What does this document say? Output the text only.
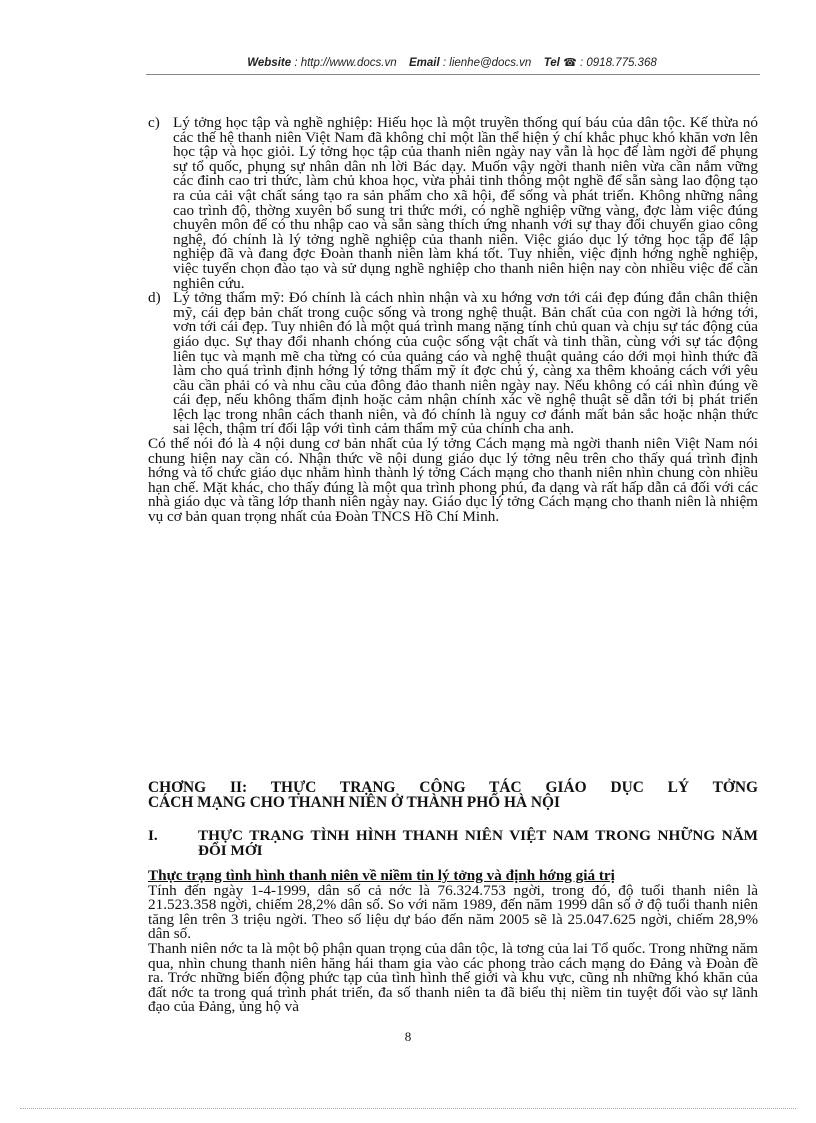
Website : http://www.docs.vn Email : lienhe@docs.vn Tel ☎ : 0918.775.368
c) Lý tởng học tập và nghề nghiệp: Hiếu học là một truyền thống quí báu của dân tộc. Kế thừa nó các thế hệ thanh niên Việt Nam đã không chỉ một lần thể hiện ý chí khắc phục khó khăn vơn lên học tập và học giỏi. Lý tởng học tập của thanh niên ngày nay vẫn là học để làm ngời để phụng sự tổ quốc, phụng sự nhân dân nh lời Bác dạy. Muốn vậy ngời thanh niên vừa cần nắm vững các đỉnh cao tri thức, làm chủ khoa học, vừa phải tinh thông một nghề để sẵn sàng lao động tạo ra của cải vật chất sáng tạo ra sản phẩm cho xã hội, để sống và phát triển. Không những nâng cao trình độ, thờng xuyên bổ sung tri thức mới, có nghề nghiệp vững vàng, đợc làm việc đúng chuyên môn để có thu nhập cao và sẵn sàng thích ứng nhanh với sự thay đổi chuyển giao công nghệ, đó chính là lý tởng nghề nghiệp của thanh niên. Việc giáo dục lý tởng học tập để lập nghiệp đã và đang đợc Đoàn thanh niên làm khá tốt. Tuy nhiên, việc định hớng nghề nghiệp, việc tuyển chọn đào tạo và sử dụng nghề nghiệp cho thanh niên hiện nay còn nhiều việc để cần nghiên cứu.
d) Lý tởng thẩm mỹ: Đó chính là cách nhìn nhận và xu hớng vơn tới cái đẹp đúng đắn chân thiện mỹ, cái đẹp bản chất trong cuộc sống và trong nghệ thuật. Bản chất của con ngời là hớng tới, vơn tới cái đẹp. Tuy nhiên đó là một quá trình mang nặng tính chủ quan và chịu sự tác động của giáo dục. Sự thay đổi nhanh chóng của cuộc sống vật chất và tinh thần, cùng với sự tác động liên tục và mạnh mẽ cha từng có của quảng cáo và nghệ thuật quảng cáo dới mọi hình thức đã làm cho quá trình định hớng lý tởng thẩm mỹ ít đợc chú ý, càng xa thêm khoảng cách với yêu cầu cần phải có và nhu cầu của đông đảo thanh niên ngày nay. Nếu không có cái nhìn đúng về cái đẹp, nếu không thẩm định hoặc cảm nhận chính xác về nghệ thuật sẽ dẫn tới bị phát triển lệch lạc trong nhân cách thanh niên, và đó chính là nguy cơ đánh mất bản sắc hoặc nhận thức sai lệch, thậm trí đối lập với tình cảm thẩm mỹ của chính cha anh.
Có thể nói đó là 4 nội dung cơ bản nhất của lý tởng Cách mạng mà ngời thanh niên Việt Nam nói chung hiện nay cần có. Nhận thức về nội dung giáo dục lý tởng nêu trên cho thấy quá trình định hớng và tổ chức giáo dục nhằm hình thành lý tởng Cách mạng cho thanh niên nhìn chung còn nhiều hạn chế. Mặt khác, cho thấy đúng là một qua trình phong phú, đa dạng và rất hấp dẫn cả đối với các nhà giáo dục và tầng lớp thanh niên ngày nay. Giáo dục lý tởng Cách mạng cho thanh niên là nhiệm vụ cơ bản quan trọng nhất của Đoàn TNCS Hồ Chí Minh.
CHƠNG II: THỰC TRẠNG CÔNG TÁC GIÁO DỤC LÝ TỞNG
CÁCH MẠNG CHO THANH NIÊN Ở THÀNH PHỐ HÀ NỘI
I.	THỰC TRẠNG TÌNH HÌNH THANH NIÊN VIỆT NAM TRONG NHỮNG NĂM ĐỔI MỚI
Thực trạng tình hình thanh niên về niềm tin lý tởng và định hớng giá trị
Tính đến ngày 1-4-1999, dân số cả nớc là 76.324.753 ngời, trong đó, độ tuổi thanh niên là 21.523.358 ngời, chiếm 28,2% dân số. So với năm 1989, đến năm 1999 dân số ở độ tuổi thanh niên tăng lên trên 3 triệu ngời. Theo số liệu dự báo đến năm 2005 sẽ là 25.047.625 ngời, chiếm 28,9% dân số.
Thanh niên nớc ta là một bộ phận quan trọng của dân tộc, là tơng của lai Tổ quốc. Trong những năm qua, nhìn chung thanh niên hăng hái tham gia vào các phong trào cách mạng do Đảng và Đoàn đề ra. Trớc những biến động phức tạp của tình hình thế giới và khu vực, cũng nh những khó khăn của đất nớc ta trong quá trình phát triển, đa số thanh niên ta đã biểu thị niềm tin tuyệt đối vào sự lãnh đạo của Đảng, ủng hộ và
8
